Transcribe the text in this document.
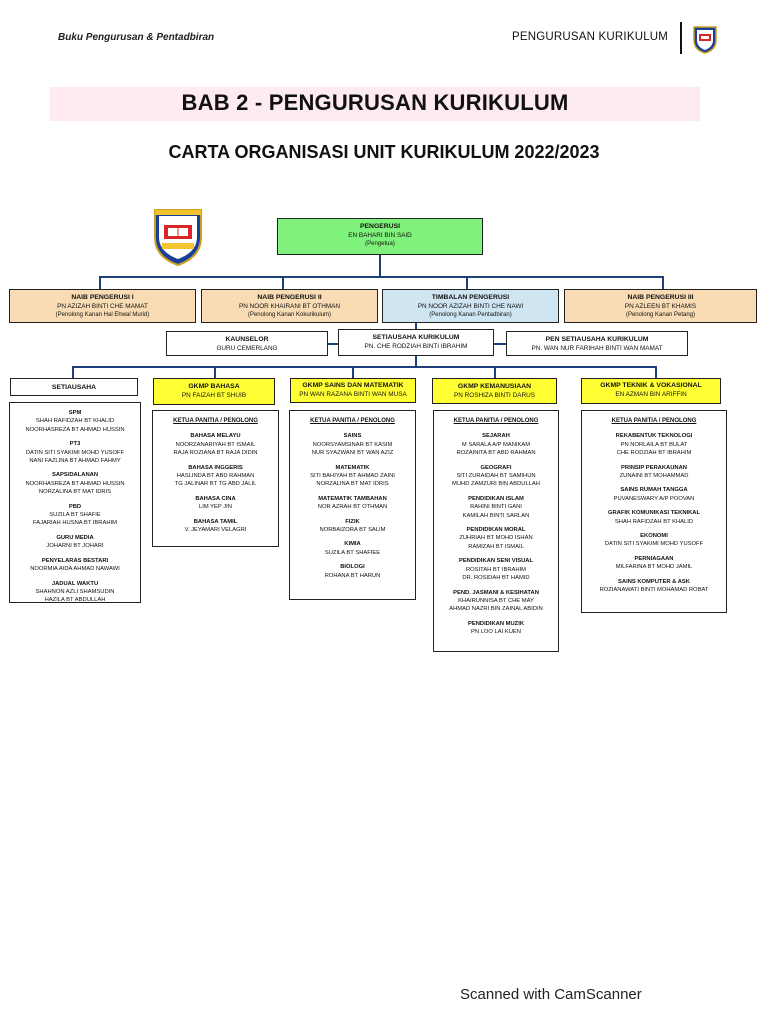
Buku Pengurusan & Pentadbiran	PENGURUSAN KURIKULUM
BAB 2 - PENGURUSAN KURIKULUM
CARTA ORGANISASI UNIT KURIKULUM 2022/2023
PENGERUSI
EN BAHARI BIN SAID
(Pengetua)
NAIB PENGERUSI I
PN AZIZAH BINTI CHE MAMAT
(Penolong Kanan Hal Ehwal Murid)
NAIB PENGERUSI II
PN NOOR KHAIRANI BT OTHMAN
(Penolong Kanan Kokurikulum)
TIMBALAN PENGERUSI
PN NOOR AZIZAH BINTI CHE NAWI
(Penolong Kanan Pentadbiran)
NAIB PENGERUSI III
PN AZLEEN BT KHAMIS
(Penolong Kanan Petang)
KAUNSELOR
GURU CEMERLANG
SETIAUSAHA KURIKULUM
PN. CHE RODZIAH BINTI IBRAHIM
PEN SETIAUSAHA KURIKULUM
PN. WAN NUR FARIHAH BINTI WAN MAMAT
SETIAUSAHA	GKMP BAHASA
PN FAIZAH BT SHUIB
GKMP SAINS DAN MATEMATIK
PN WAN RAZANA BINTI WAN MUSA
GKMP KEMANUSIAAN
PN ROSHIZA BINTI DARUS
GKMP TEKNIK & VOKASIONAL
EN AZMAN BIN ARIFFIN
SPM
SHAH RAFIDZAH BT KHALID
NOORHASREZA BT AHMAD HUSSIN
PT3
DATIN SITI SYAKIMI MOHD YUSOFF
NANI FAZLINA BT AHMAD FAHMY
SAPS/DALANAN
NOORHASREZA BT AHMAD HUSSIN
NORZALINA BT MAT IDRIS
PBD
SUZILA BT SHAFIE
FAJARIAH HUSNA BT IBRAHIM
GURU MEDIA
JOHARNI BT JOHARI
PENYELARAS BESTARI
NOORMIA AIDA AHMAD NAWAWI
JADUAL WAKTU
SHAHNON AZLI SHAMSUDIN
HAZILA BT ABDULLAH
KETUA PANITIA / PENOLONG
BAHASA MELAYU
NOORZANARIYAH BT ISMAIL
RAJA ROZIANA BT RAJA DIDIN
BAHASA INGGERIS
HASLINDA BT ABD RAHMAN
TG JALINAR BT TG ABD JALIL
BAHASA CINA
LIM YEP JIN
BAHASA TAMIL
V. JEYAMARI VELAGRI
KETUA PANITIA / PENOLONG
SAINS
NOORSYAMSINAR BT KASIM
NUR SYAZWANI BT WAN AZIZ
MATEMATIK
SITI BAHIYAH BT AHMAD ZAINI
NORZALINA BT MAT IDRIS
MATEMATIK TAMBAHAN
NOR AZRAH BT OTHMAN
FIZIK
NORBAIZORA BT SALIM
KIMIA
SUZILA BT SHAFIEE
BIOLOGI
ROHANA BT HARUN
KETUA PANITIA / PENOLONG
SEJARAH
M SARALA A/P MANIKAM
ROZAINITA BT ABD RAHMAN
GEOGRAFI
SITI ZURAIDAH BT SAMIHUN
MUHD ZAMZURI BIN ABDULLAH
PENDIDIKAN ISLAM
RAHINI BINTI GANI
KAMILAH BINTI SARLAN
PENDIDIKAN MORAL
ZUHRIAH BT MOHD ISHAN
RAMIZAH BT ISMAIL
PENDIDIKAN SENI VISUAL
ROSITAH BT IBRAHIM
DR. ROSIDAH BT HAMID
PEND. JASMANI & KESIHATAN
KHAIRUNNISA BT CHE MAY
AHMAD NAZRI BIN ZAINAL ABIDIN
PENDIDIKAN MUZIK
PN LOO LAI KUEN
KETUA PANITIA / PENOLONG
REKABENTUK TEKNOLOGI
PN NORLAILA BT BULAT
CHE RODZIAH BT IBRAHIM
PRINSIP PERAKAUNAN
ZUNAINI BT MOHAMMAD
SAINS RUMAH TANGGA
PUVANESWARY A/P POOVAN
GRAFIK KOMUNIKASI TEKNIKAL
SHAH RAFIDZAH BT KHALID
EKONOMI
DATIN SITI SYAKIMI MOHD YUSOFF
PERNIAGAAN
MILFARINA BT MOHD JAMIL
SAINS KOMPUTER & ASK
ROZIANAWATI BINTI MOHAMAD ROBAT
Scanned with CamScanner
